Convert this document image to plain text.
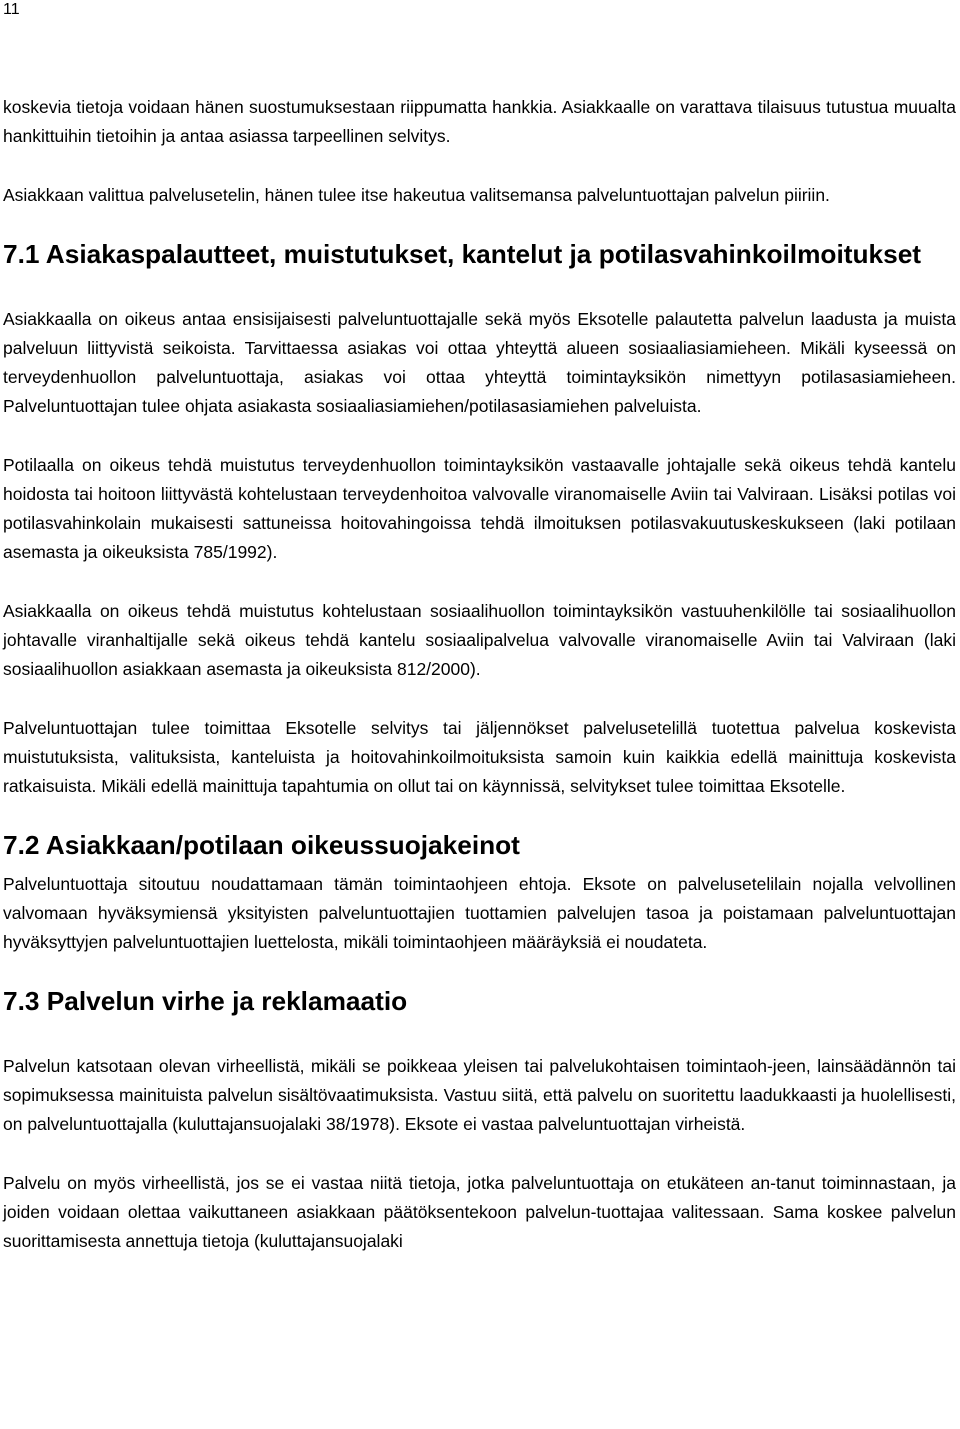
11

koskevia tietoja voidaan hänen suostumuksestaan riippumatta hankkia. Asiakkaalle on varattava tilaisuus tutustua muualta hankittuihin tietoihin ja antaa asiassa tarpeellinen selvitys.

Asiakkaan valittua palvelusetelin, hänen tulee itse hakeutua valitsemansa palveluntuottajan palvelun piiriin.

7.1 Asiakaspalautteet, muistutukset, kantelut ja potilasvahinkoilmoitukset

Asiakkaalla on oikeus antaa ensisijaisesti palveluntuottajalle sekä myös Eksotelle palautetta palvelun laadusta ja muista palveluun liittyvistä seikoista. Tarvittaessa asiakas voi ottaa yhteyttä alueen sosiaaliasiamieheen. Mikäli kyseessä on terveydenhuollon palveluntuottaja, asiakas voi ottaa yhteyttä toimintayksikön nimettyyn potilasasiamieheen. Palveluntuottajan tulee ohjata asiakasta sosiaaliasiamiehen/potilasasiamiehen palveluista.

Potilaalla on oikeus tehdä muistutus terveydenhuollon toimintayksikön vastaavalle johtajalle sekä oikeus tehdä kantelu hoidosta tai hoitoon liittyvästä kohtelustaan terveydenhoitoa valvovalle viranomaiselle Aviin tai Valviraan. Lisäksi potilas voi potilasvahinkolain mukaisesti sattuneissa hoitovahingoissa tehdä ilmoituksen potilasvakuutuskeskukseen (laki potilaan asemasta ja oikeuksista 785/1992).

Asiakkaalla on oikeus tehdä muistutus kohtelustaan sosiaalihuollon toimintayksikön vastuuhenkilölle tai sosiaalihuollon johtavalle viranhaltijalle sekä oikeus tehdä kantelu sosiaalipalvelua valvovalle viranomaiselle Aviin tai Valviraan (laki sosiaalihuollon asiakkaan asemasta ja oikeuksista 812/2000).

Palveluntuottajan tulee toimittaa Eksotelle selvitys tai jäljennökset palvelusetelillä tuotettua palvelua koskevista muistutuksista, valituksista, kanteluista ja hoitovahinkoilmoituksista samoin kuin kaikkia edellä mainittuja koskevista ratkaisuista. Mikäli edellä mainittuja tapahtumia on ollut tai on käynnissä, selvitykset tulee toimittaa Eksotelle.

7.2 Asiakkaan/potilaan oikeussuojakeinot

Palveluntuottaja sitoutuu noudattamaan tämän toimintaohjeen ehtoja. Eksote on palvelusetelilain nojalla velvollinen valvomaan hyväksymiensä yksityisten palveluntuottajien tuottamien palvelujen tasoa ja poistamaan palveluntuottajan hyväksyttyjen palveluntuottajien luettelosta, mikäli toimintaohjeen määräyksiä ei noudateta.

7.3 Palvelun virhe ja reklamaatio

Palvelun katsotaan olevan virheellistä, mikäli se poikkeaa yleisen tai palvelukohtaisen toimintaoh-jeen, lainsäädännön tai sopimuksessa mainituista palvelun sisältövaatimuksista. Vastuu siitä, että palvelu on suoritettu laadukkaasti ja huolellisesti, on palveluntuottajalla (kuluttajansuojalaki 38/1978). Eksote ei vastaa palveluntuottajan virheistä.

Palvelu on myös virheellistä, jos se ei vastaa niitä tietoja, jotka palveluntuottaja on etukäteen an-tanut toiminnastaan, ja joiden voidaan olettaa vaikuttaneen asiakkaan päätöksentekoon palvelun-tuottajaa valitessaan. Sama koskee palvelun suorittamisesta annettuja tietoja (kuluttajansuojalaki
